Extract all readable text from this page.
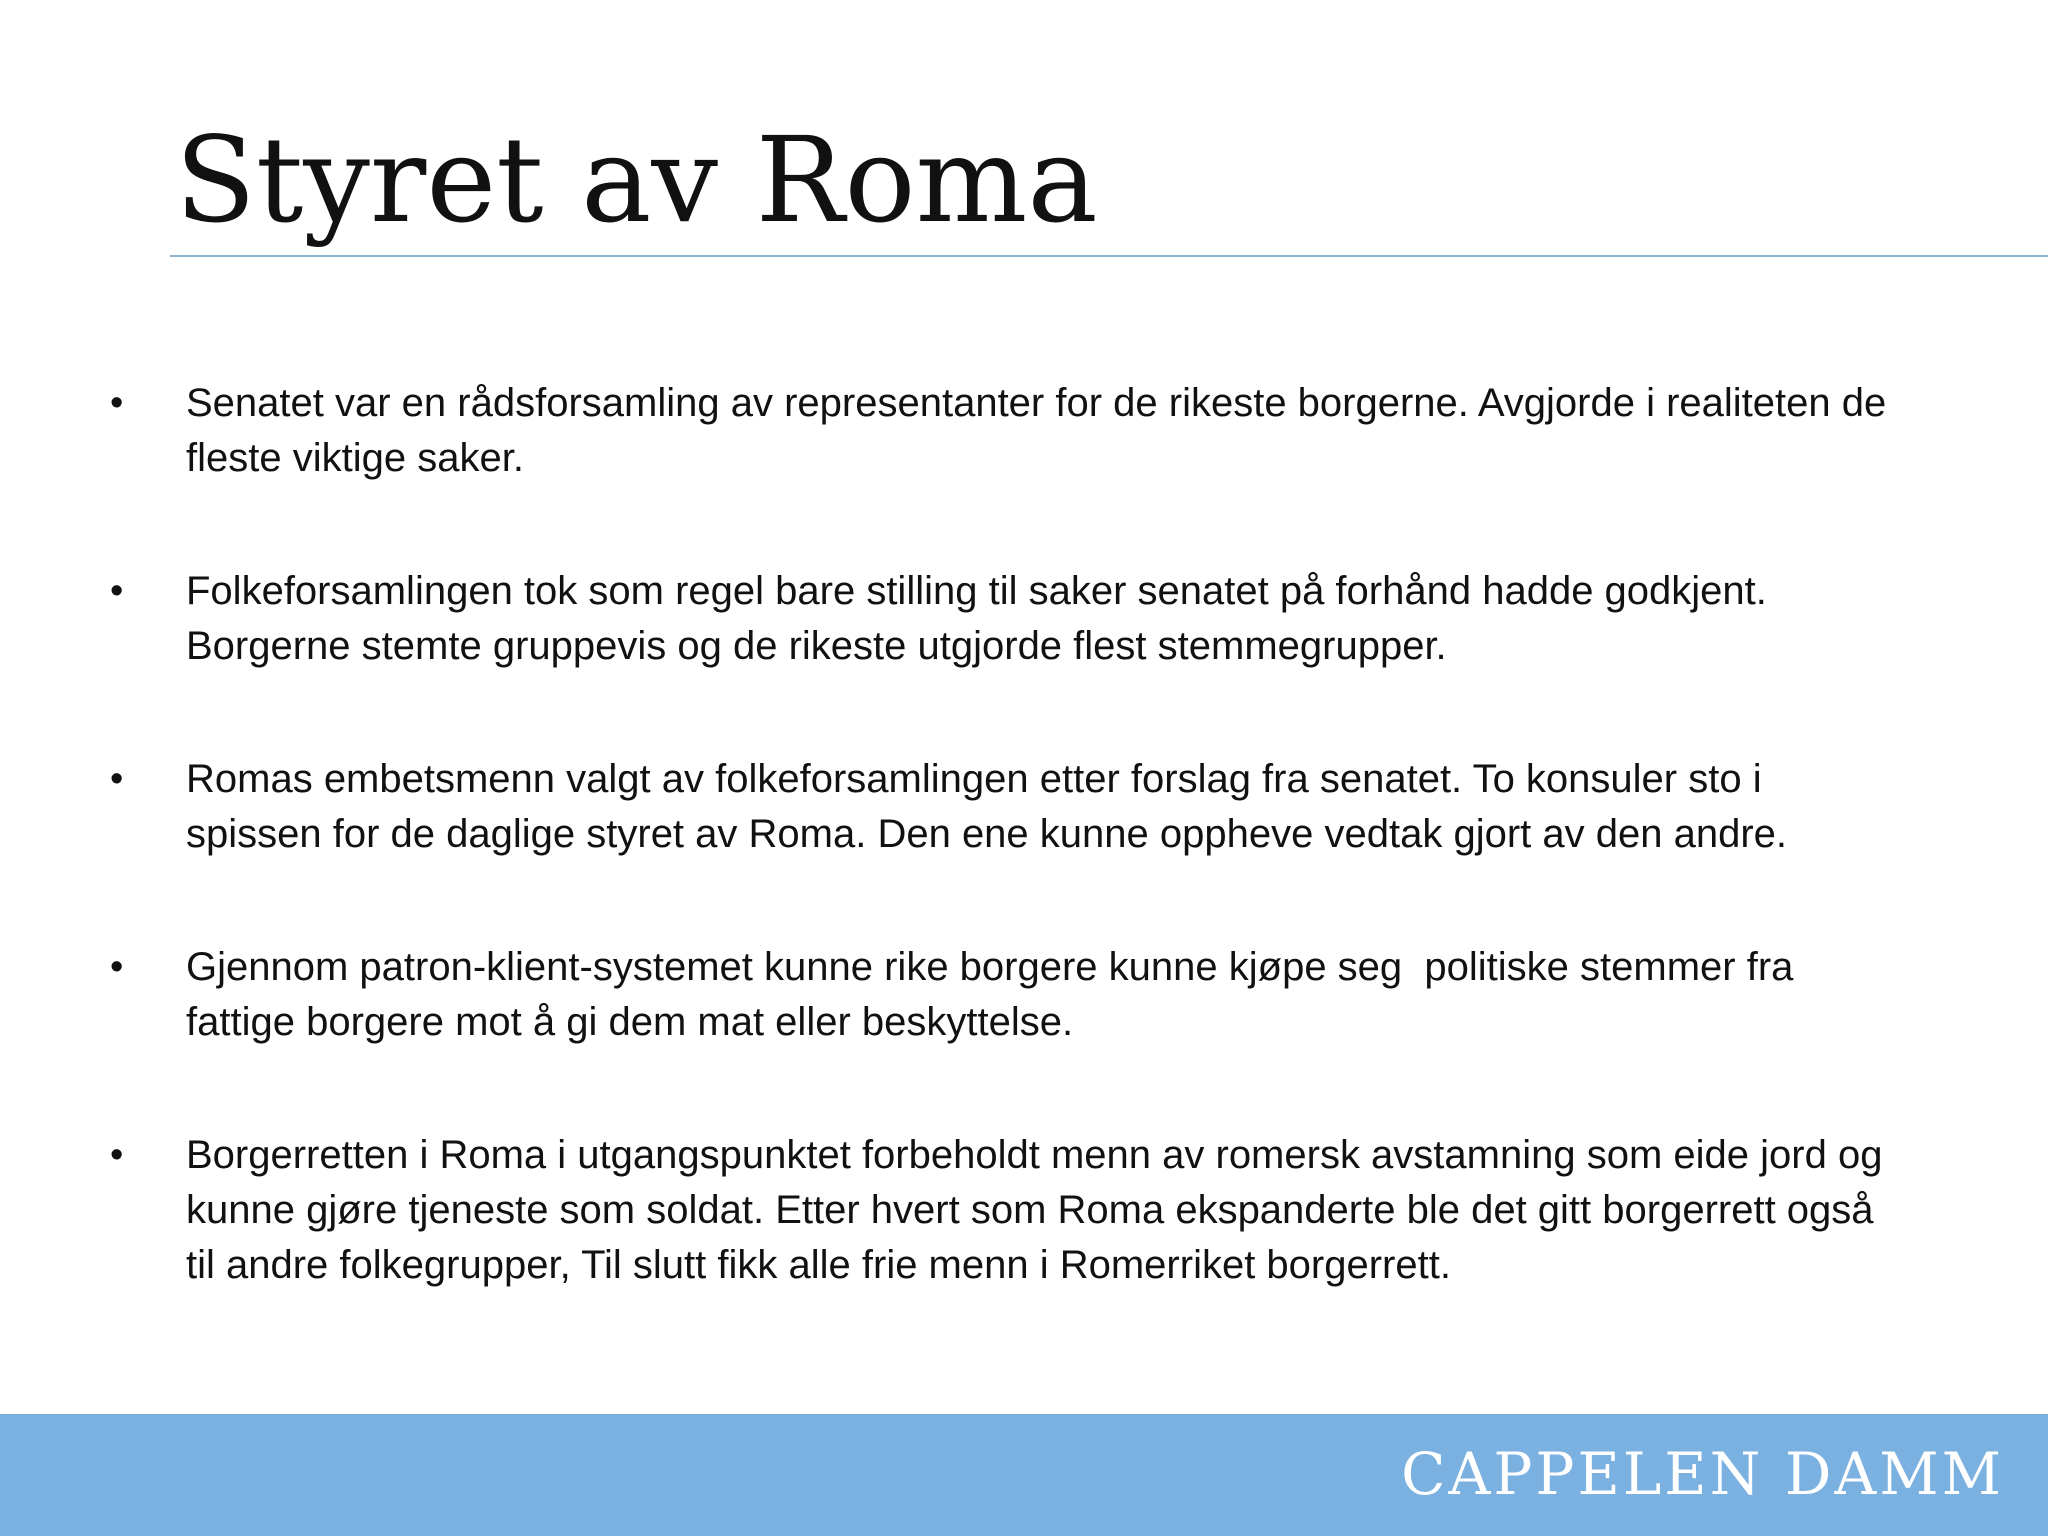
Styret av Roma
•	Senatet var en rådsforsamling av representanter for de rikeste borgerne. Avgjorde i realiteten de fleste viktige saker.
•	Folkeforsamlingen tok som regel bare stilling til saker senatet på forhånd hadde godkjent. Borgerne stemte gruppevis og de rikeste utgjorde flest stemmegrupper.
•	Romas embetsmenn valgt av folkeforsamlingen etter forslag fra senatet. To konsuler sto i spissen for de daglige styret av Roma. Den ene kunne oppheve vedtak gjort av den andre.
•	Gjennom patron-klient-systemet kunne rike borgere kunne kjøpe seg  politiske stemmer fra fattige borgere mot å gi dem mat eller beskyttelse.
•	Borgerretten i Roma i utgangspunktet forbeholdt menn av romersk avstamning som eide jord og kunne gjøre tjeneste som soldat. Etter hvert som Roma ekspanderte ble det gitt borgerrett også til andre folkegrupper, Til slutt fikk alle frie menn i Romerriket borgerrett.
CAPPELEN DAMM
